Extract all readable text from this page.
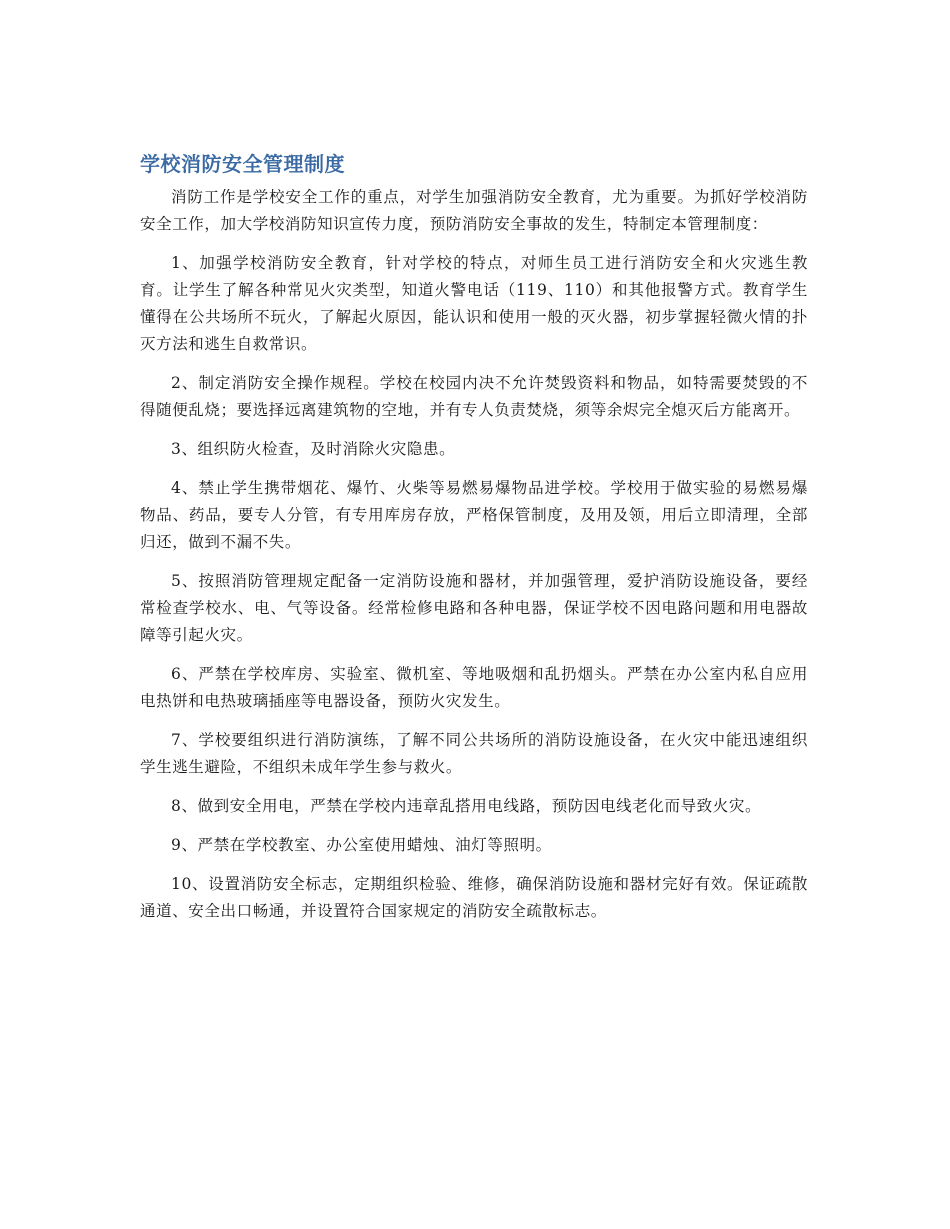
学校消防安全管理制度

消防工作是学校安全工作的重点，对学生加强消防安全教育，尤为重要。为抓好学校消防安全工作，加大学校消防知识宣传力度，预防消防安全事故的发生，特制定本管理制度：

1、加强学校消防安全教育，针对学校的特点，对师生员工进行消防安全和火灾逃生教育。让学生了解各种常见火灾类型，知道火警电话（119、110）和其他报警方式。教育学生懂得在公共场所不玩火，了解起火原因，能认识和使用一般的灭火器，初步掌握轻微火情的扑灭方法和逃生自救常识。

2、制定消防安全操作规程。学校在校园内决不允许焚毁资料和物品，如特需要焚毁的不得随便乱烧；要选择远离建筑物的空地，并有专人负责焚烧，须等余烬完全熄灭后方能离开。

3、组织防火检查，及时消除火灾隐患。

4、禁止学生携带烟花、爆竹、火柴等易燃易爆物品进学校。学校用于做实验的易燃易爆物品、药品，要专人分管，有专用库房存放，严格保管制度，及用及领，用后立即清理，全部归还，做到不漏不失。

5、按照消防管理规定配备一定消防设施和器材，并加强管理，爱护消防设施设备，要经常检查学校水、电、气等设备。经常检修电路和各种电器，保证学校不因电路问题和用电器故障等引起火灾。

6、严禁在学校库房、实验室、微机室、等地吸烟和乱扔烟头。严禁在办公室内私自应用电热饼和电热玻璃插座等电器设备，预防火灾发生。

7、学校要组织进行消防演练，了解不同公共场所的消防设施设备，在火灾中能迅速组织学生逃生避险，不组织未成年学生参与救火。

8、做到安全用电，严禁在学校内违章乱搭用电线路，预防因电线老化而导致火灾。

9、严禁在学校教室、办公室使用蜡烛、油灯等照明。

10、设置消防安全标志，定期组织检验、维修，确保消防设施和器材完好有效。保证疏散通道、安全出口畅通，并设置符合国家规定的消防安全疏散标志。
